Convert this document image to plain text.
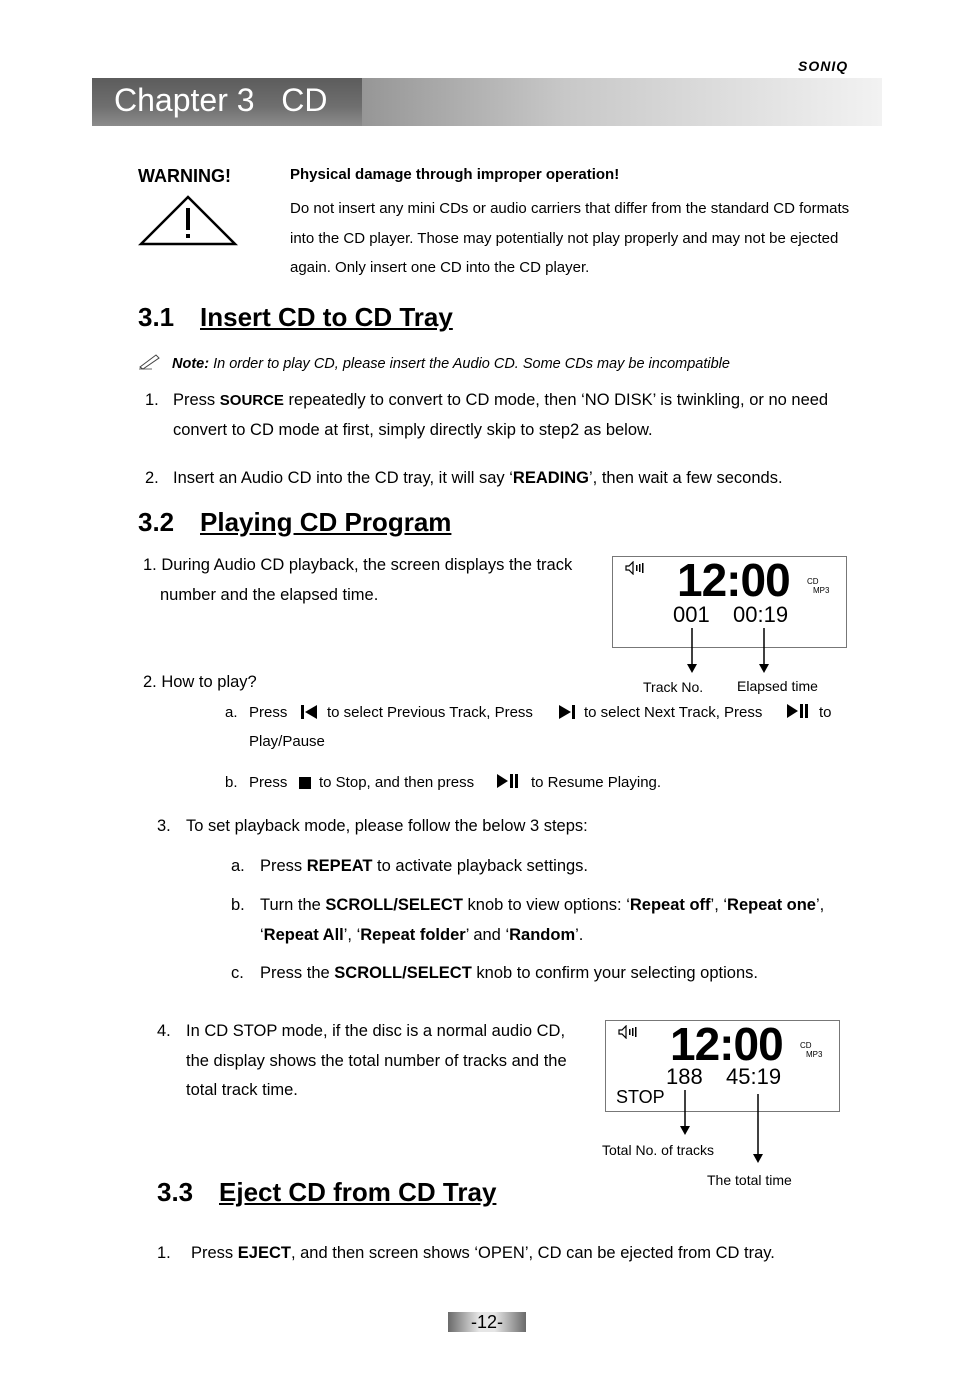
SONIQ
Chapter 3   CD
WARNING!	Physical damage through improper operation!
Do not insert any mini CDs or audio carriers that differ from the standard CD formats into the CD player. Those may potentially not play properly and may not be ejected again. Only insert one CD into the CD player.
3.1 Insert CD to CD Tray
Note: In order to play CD, please insert the Audio CD. Some CDs may be incompatible
1. Press SOURCE repeatedly to convert to CD mode, then ‘NO DISK’ is twinkling, or no need convert to CD mode at first, simply directly skip to step2 as below.
2. Insert an Audio CD into the CD tray, it will say ‘READING’, then wait a few seconds.
3.2 Playing CD Program
1. During Audio CD playback, the screen displays the track number and the elapsed time.	12:00 CD
MP3
001 00:19
Track No. Elapsed time
2. How to play?
a. Press	to select Previous Track, Press	to select Next Track, Press	to
Play/Pause
b. Press to Stop, and then press	to Resume Playing.
3. To set playback mode, please follow the below 3 steps:
a. Press REPEAT to activate playback settings.
b. Turn the SCROLL/SELECT knob to view options: ‘Repeat off’, ‘Repeat one’, ‘Repeat All’, ‘Repeat folder’ and ‘Random’.
c. Press the SCROLL/SELECT knob to confirm your selecting options.
4. In CD STOP mode, if the disc is a normal audio CD, the display shows the total number of tracks and the total track time.
12:00 CD
MP3
188 45:19
STOP
Total No. of tracks
The total time
3.3 Eject CD from CD Tray
1. Press EJECT, and then screen shows ‘OPEN’, CD can be ejected from CD tray.
-12-
